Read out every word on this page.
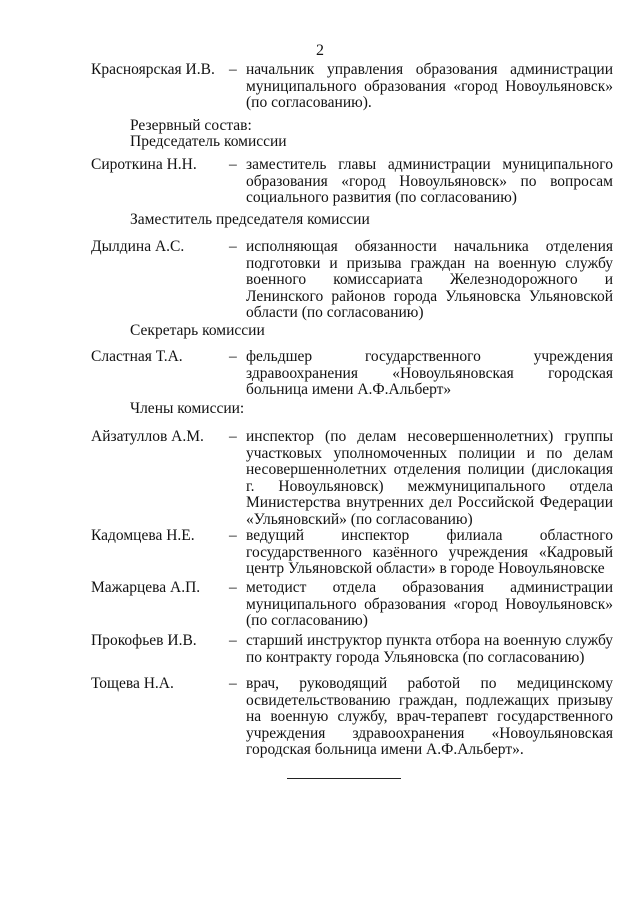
2
Красноярская И.В. – начальник управления образования администрации муниципального образования «город Новоульяновск» (по согласованию).
Резервный состав:
Председатель комиссии
Сироткина Н.Н. – заместитель главы администрации муниципального образования «город Новоульяновск» по вопросам социального развития (по согласованию)
Заместитель председателя комиссии
Дылдина А.С.	– исполняющая обязанности начальника отделения подготовки и призыва граждан на военную службу военного комиссариата Железнодорожного и Ленинского районов города Ульяновска Ульяновской области (по согласованию)
Секретарь комиссии
Сластная Т.А.	– фельдшер государственного учреждения здравоохранения «Новоульяновская городская больница имени А.Ф.Альберт»
Члены комиссии:
Айзатуллов А.М. – инспектор (по делам несовершеннолетних) группы участковых уполномоченных полиции и по делам несовершеннолетних отделения полиции (дислокация г. Новоульяновск) межмуниципального отдела Министерства внутренних дел Российской Федерации «Ульяновский» (по согласованию)
Кадомцева Н.Е. – ведущий инспектор филиала областного государственного казённого учреждения «Кадровый центр Ульяновской области» в городе Новоульяновске
Мажарцева А.П. – методист отдела образования администрации муниципального образования «город Новоульяновск» (по согласованию)
Прокофьев И.В. – старший инструктор пункта отбора на военную службу по контракту города Ульяновска (по согласованию)
Тощева Н.А.	– врач, руководящий работой по медицинскому освидетельствованию граждан, подлежащих призыву на военную службу, врач-терапевт государственного учреждения здравоохранения «Новоульяновская городская больница имени А.Ф.Альберт».
